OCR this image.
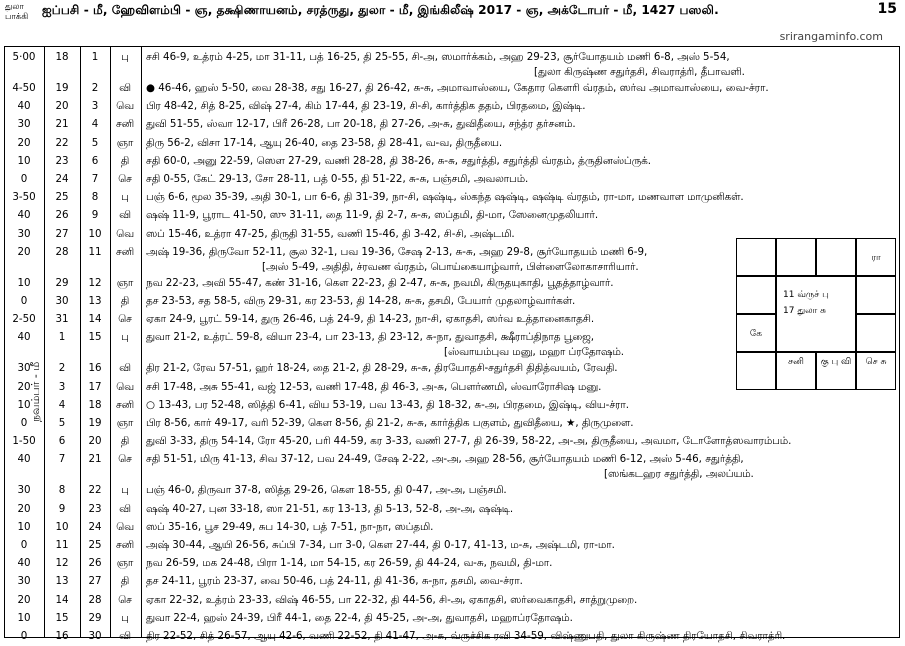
துலா
பாக்கி ஐப்பசி - மீ, ஹேவிளம்பி - ஞ, தக்ஷிணாயனம், சரத்ருது, துலா - மீ, இங்கிலீஷ் 2017 - ஞ, அக்டோபர் - மீ, 1427 பஸலி.	15
srirangaminfo.com
நவம்பர் - மீ
5·00	18	1	பு	சசி 46-9, உத்ரம் 4-25, மா 31-11, பத் 16-25, தி 25-55, சி-அ, ஸமார்க்கம், அஹ 29-23, சூர்யோதயம் மணி 6-8, அஸ் 5-54,
[துலா கிருஷ்ண சதுர்தசி, சிவராத்ரி, தீபாவளி.
4-50	19	2	வி	● 46-46, ஹஸ் 5-50, வை 28-38, சது 16-27, தி 26-42, சு-சு, அமாவாஸ்யை, கேதார கௌரி வ்ரதம், ஸர்வ அமாவாஸ்யை, வை-ச்ரா.
40	20	3	வெ	பிர 48-42, சித் 8-25, விஷ் 27-4, கிம் 17-44, தி 23-19, சி-சி, கார்த்திக ததம், பிரதமை, இஷ்டி.
30	21	4	சனி	துவி 51-55, ஸ்வா 12-17, பிரீ 26-28, பா 20-18, தி 27-26, அ-சு, துவிதீயை, சந்த்ர தர்சனம்.
20	22	5	ஞா	திரு 56-2, விசா 17-14, ஆயு 26-40, தை 23-58, தி 28-41, வ-வ, திருதீயை.
10	23	6	தி	சதி 60-0, அனு 22-59, ஸௌ 27-29, வணி 28-28, தி 38-26, சு-சு, சதுர்த்தி, சதுர்த்தி வ்ரதம், த்ருதினஸ்ப்ருக்.
0	24	7	செ	சதி 0-55, கேட் 29-13, சோ 28-11, பத் 0-55, தி 51-22, சு-சு, பஞ்சமி, அவலாபம்.
3-50	25	8	பு	பஞ் 6-6, மூல 35-39, அதி 30-1, பா 6-6, தி 31-39, நா-சி, ஷஷ்டி, ஸ்கந்த ஷஷ்டி, ஷஷ்டி வ்ரதம், ரா-மா, மணவாள மாமுனிகள்.
40	26	9	வி	ஷஷ் 11-9, பூராட 41-50, ஸு 31-11, தை 11-9, தி 2-7, சு-சு, ஸப்தமி, தி-மா, ஸேனைமுதலியார்.
30	27	10	வெ	ஸப் 15-46, உத்ரா 47-25, திருதி 31-55, வணி 15-46, தி 3-42, சி-சி, அஷ்டமி.
20	28	11	சனி	அஷ் 19-36, திருவோ 52-11, சூல 32-1, பவ 19-36, சேஷ 2-13, சு-சு, அஹ 29-8, சூர்யோதயம் மணி 6-9,
[அஸ் 5-49, அதிதி, ச்ரவண வ்ரதம், பொய்கையாழ்வார், பிள்ளைலோகாசாரியார்.
10	29	12	ஞா	நவ 22-23, அவி 55-47, கண் 31-16, கௌ 22-23, தி 2-47, சு-சு, நவமி, கிருதயுகாதி, பூதத்தாழ்வார்.
0	30	13	தி	தச 23-53, சத 58-5, விரு 29-31, கர 23-53, தி 14-28, சு-சு, தசமி, பேயார் முதலாழ்வார்கள்.
2-50	31	14	செ	ஏகா 24-9, பூரட் 59-14, துரு 26-46, பத் 24-9, தி 14-23, நா-சி, ஏகாதசி, ஸர்வ உத்தானைகாதசி.
40	1	15	பு	துவா 21-2, உத்ரட் 59-8, வியா 23-4, பா 23-13, தி 23-12, சு-நா, துவாதசி, க்ஷீராப்திநாத பூஜை,
[ஸ்வாயம்புவ மனு, மஹா ப்ரதோஷம்.
30	2	16	வி	திர 21-2, ரேவ 57-51, ஹர் 18-24, தை 21-2, தி 28-29, சு-சு, திரயோதசி-சதுர்தசி திதித்வயம், ரேவதி.
20	3	17	வெ	சசி 17-48, அசு 55-41, வஜ் 12-53, வணி 17-48, தி 46-3, அ-சு, பௌர்ணமி, ஸ்வாரோசிஷ மனு.
10	4	18	சனி	○ 13-43, பர 52-48, ஸித்தி 6-41, விய 53-19, பவ 13-43, தி 18-32, சு-அ, பிரதமை, இஷ்டி, விய-ச்ரா.
0	5	19	ஞா	பிர 8-56, கார் 49-17, வரி 52-39, கௌ 8-56, தி 21-2, சு-சு, கார்த்திக பகுளம், துவிதீயை, ★, திருமுளை.
1-50	6	20	தி	துவி 3-33, திரு 54-14, ரோ 45-20, பரி 44-59, கர 3-33, வணி 27-7, தி 26-39, 58-22, அ-அ, திருதீயை, அவமா, டோளோத்ஸவாரம்பம்.
40	7	21	செ	சதி 51-51, மிரு 41-13, சிவ 37-12, பவ 24-49, சேஷ 2-22, அ-அ, அஹ 28-56, சூர்யோதயம் மணி 6-12, அஸ் 5-46, சதுர்த்தி,
[ஸங்கடஹர சதுர்த்தி, அலப்யம்.
30	8	22	பு	பஞ் 46-0, திருவா 37-8, ஸித்த 29-26, கௌ 18-55, தி 0-47, அ-அ, பஞ்சமி.
20	9	23	வி	ஷஷ் 40-27, புன 33-18, ஸா 21-51, கர 13-13, தி 5-13, 52-8, அ-அ, ஷஷ்டி.
10	10	24	வெ	ஸப் 35-16, பூச 29-49, சுப 14-30, பத் 7-51, நா-நா, ஸப்தமி.
0	11	25	சனி	அஷ் 30-44, ஆயி 26-56, சுப்பி 7-34, பா 3-0, கௌ 27-44, தி 0-17, 41-13, ம-சு, அஷ்டமி, ரா-மா.
40	12	26	ஞா	நவ 26-59, மக 24-48, பிரா 1-14, மா 54-15, கர 26-59, தி 44-24, வ-சு, நவமி, தி-மா.
30	13	27	தி	தச 24-11, பூரம் 23-37, வை 50-46, பத் 24-11, தி 41-36, சு-நா, தசமி, வை-ச்ரா.
20	14	28	செ	ஏகா 22-32, உத்ரம் 23-33, விஷ் 46-55, பா 22-32, தி 44-56, சி-அ, ஏகாதசி, ஸர்வைகாதசி, சாத்றுமுறை.
10	15	29	பு	துவா 22-4, ஹஸ் 24-39, பிரீ 44-1, தை 22-4, தி 45-25, அ-அ, துவாதசி, மஹாப்ரதோஷம்.
0	16	30	வி	திர 22-52, சித் 26-57, ஆயு 42-6, வணி 22-52, தி 41-47, அ-சு, வ்ருச்சிக ரவி 34-59, விஷ்ணுபதி, துலா கிருஷ்ண திரயோதசி, சிவராத்ரி.
ரா
11 வ்ருச் பு
17 துலா சு
கே
சனி	கு பு வி	செ சு
